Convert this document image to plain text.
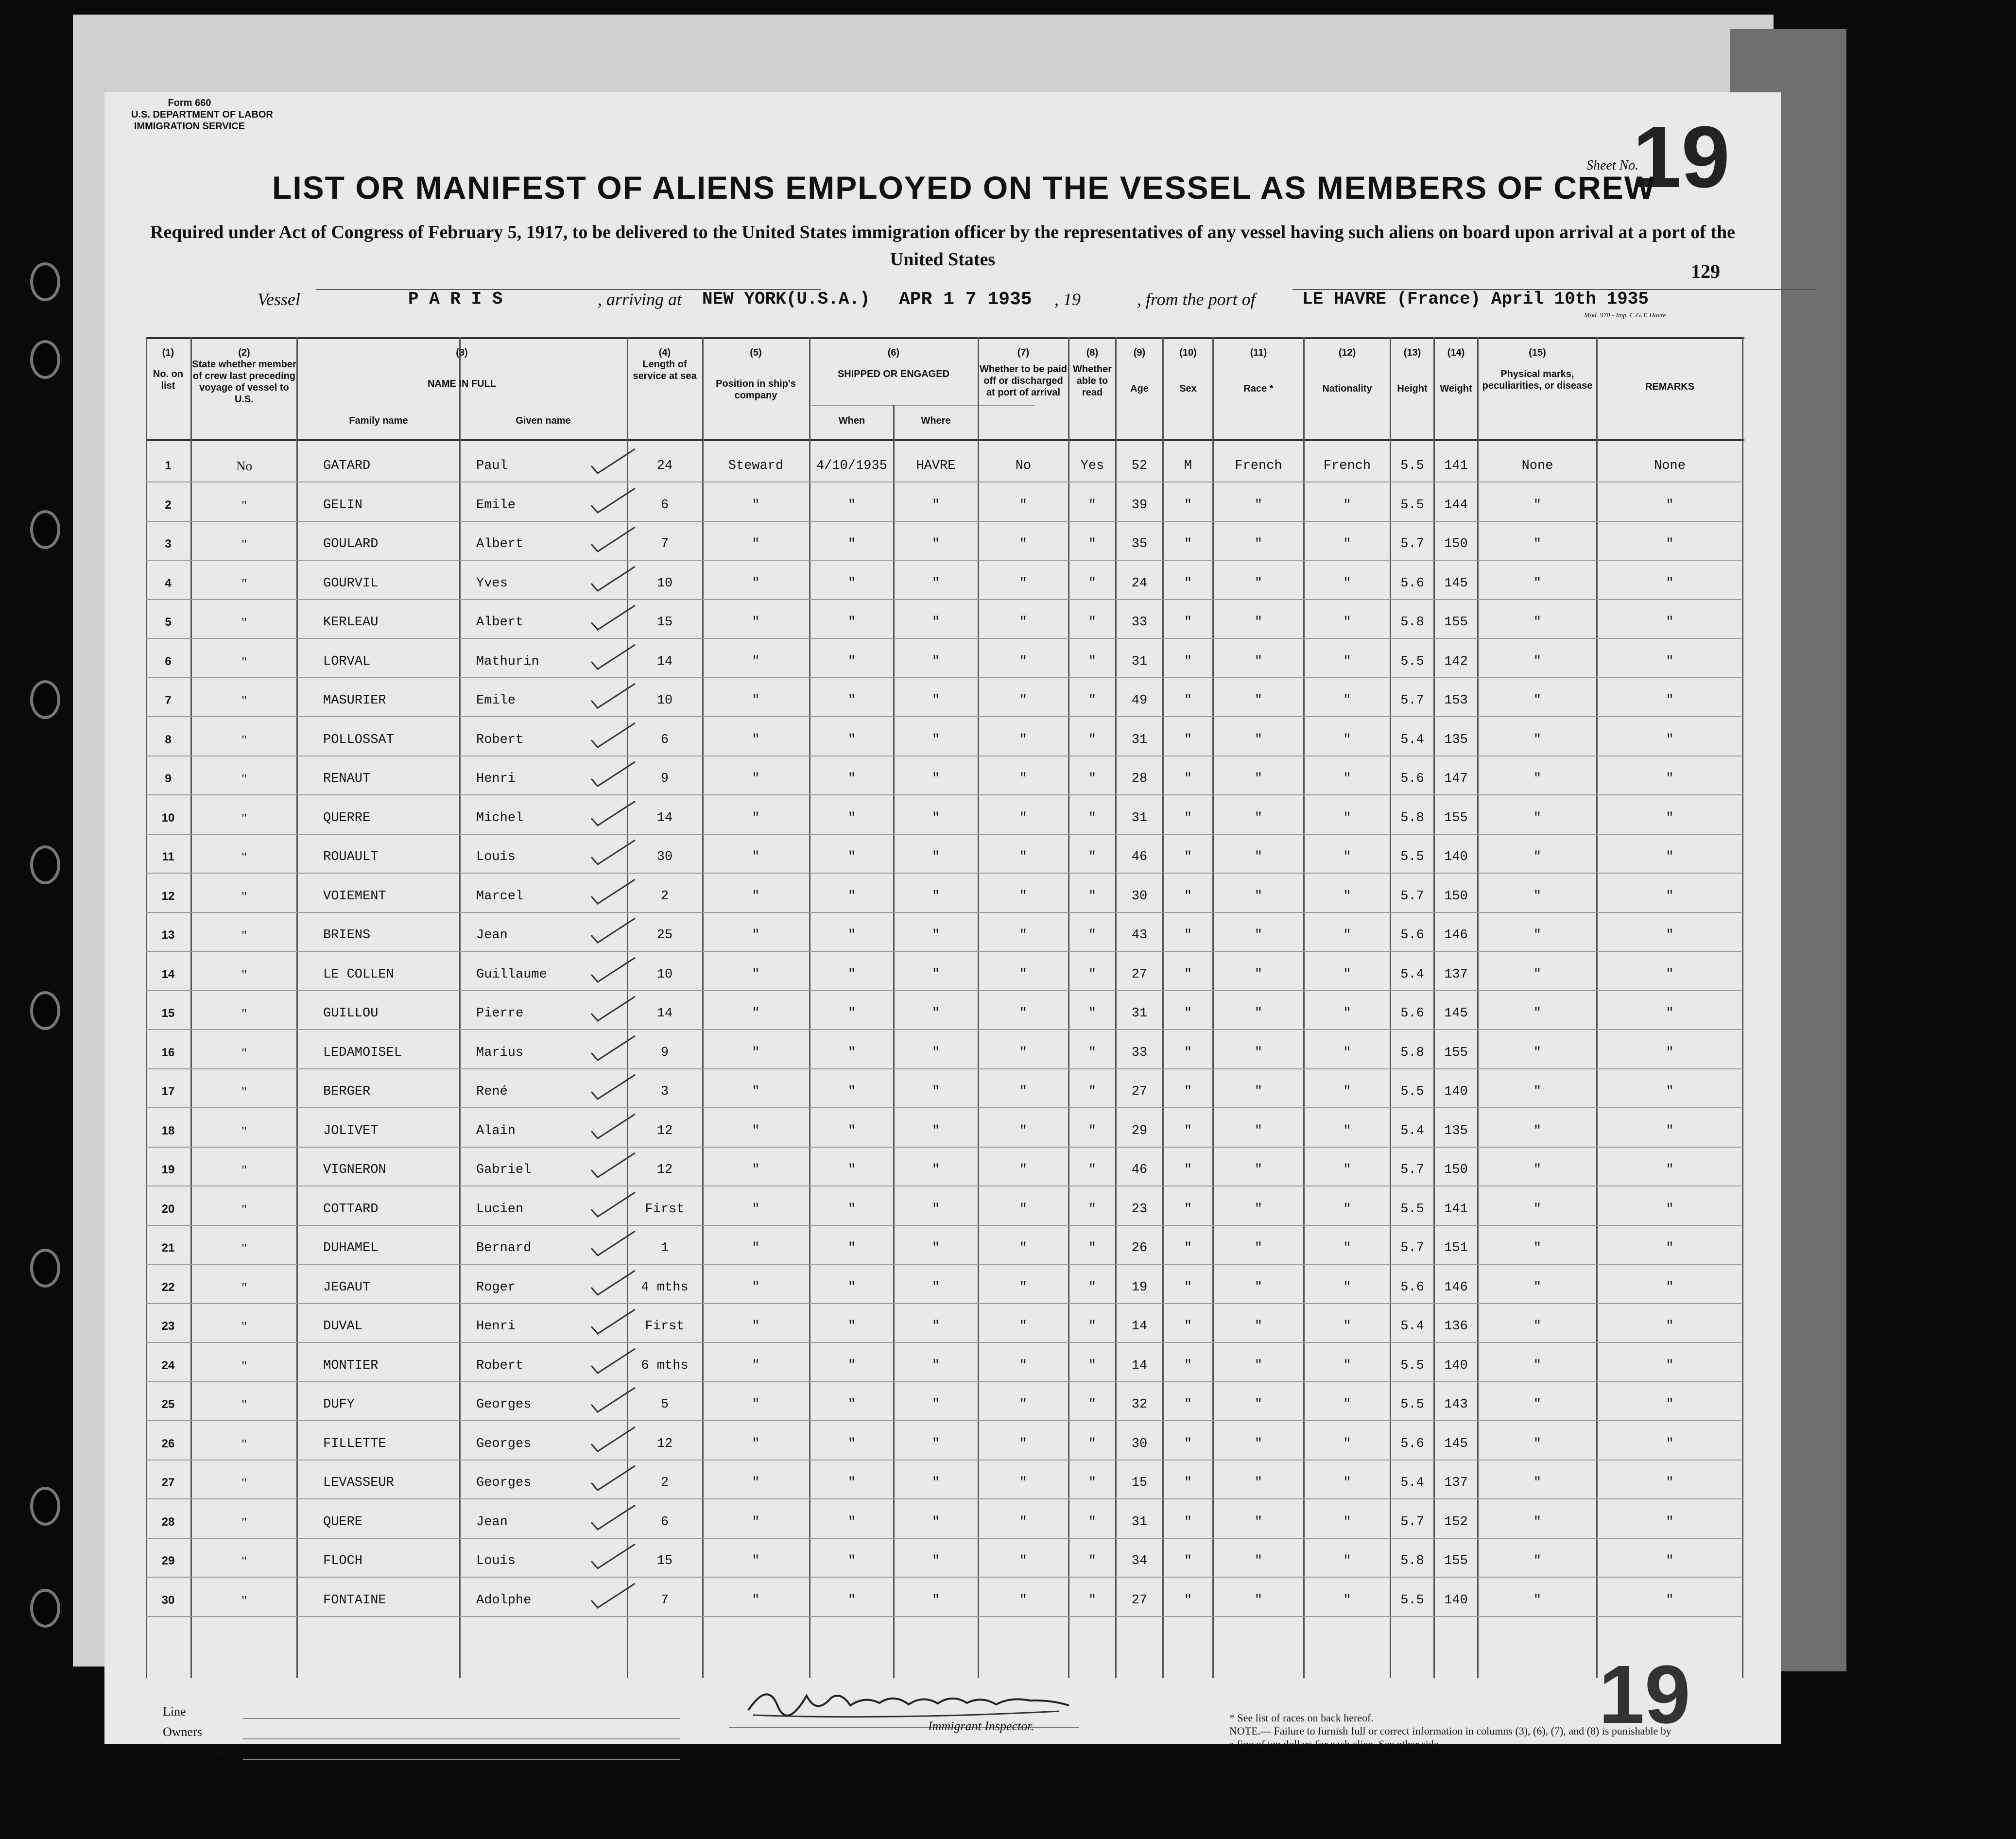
Form 660
U.S. DEPARTMENT OF LABOR
IMMIGRATION SERVICE
Sheet No.
19
LIST OR MANIFEST OF ALIENS EMPLOYED ON THE VESSEL AS MEMBERS OF CREW
Required under Act of Congress of February 5, 1917, to be delivered to the United States immigration officer by the representatives of any vessel having such aliens on board upon arrival at a port of the United States
129
Vessel	P A R I S	, arriving at NEW YORK(U.S.A.) APR 1 7 1935 , 19	, from the port of	LE HAVRE (France) April 10th 1935
Mod. 970 - Imp. C.G.T. Havre
(1)
No. on list
(2)
State whether member of crew last preceding voyage of vessel to U.S.
(3)
NAME IN FULL
Family name	Given name
(4)
Length of service at sea
(5)
Position in ship's company
(6)
SHIPPED OR ENGAGED
When	Where
(7)
Whether to be paid off or discharged at port of arrival
(8)
Whether able to read
(9)
Age
(10)
Sex
(11)
Race *
(12)
Nationality
(13)
Height
(14)
Weight
(15)
Physical marks, peculiarities, or disease	REMARKS
1	No	GATARD	Paul	24	Steward	4/10/1935	HAVRE	No	Yes	52	M	French	French	5.5	141	None	None
2	"	GELIN	Emile	6	"	"	"	"	"	39	"	"	"	5.5	144	"	"
3	"	GOULARD	Albert	7	"	"	"	"	"	35	"	"	"	5.7	150	"	"
4	"	GOURVIL	Yves	10	"	"	"	"	"	24	"	"	"	5.6	145	"	"
5	"	KERLEAU	Albert	15	"	"	"	"	"	33	"	"	"	5.8	155	"	"
6	"	LORVAL	Mathurin	14	"	"	"	"	"	31	"	"	"	5.5	142	"	"
7	"	MASURIER	Emile	10	"	"	"	"	"	49	"	"	"	5.7	153	"	"
8	"	POLLOSSAT	Robert	6	"	"	"	"	"	31	"	"	"	5.4	135	"	"
9	"	RENAUT	Henri	9	"	"	"	"	"	28	"	"	"	5.6	147	"	"
10	"	QUERRE	Michel	14	"	"	"	"	"	31	"	"	"	5.8	155	"	"
11	"	ROUAULT	Louis	30	"	"	"	"	"	46	"	"	"	5.5	140	"	"
12	"	VOIEMENT	Marcel	2	"	"	"	"	"	30	"	"	"	5.7	150	"	"
13	"	BRIENS	Jean	25	"	"	"	"	"	43	"	"	"	5.6	146	"	"
14	"	LE COLLEN	Guillaume	10	"	"	"	"	"	27	"	"	"	5.4	137	"	"
15	"	GUILLOU	Pierre	14	"	"	"	"	"	31	"	"	"	5.6	145	"	"
16	"	LEDAMOISEL	Marius	9	"	"	"	"	"	33	"	"	"	5.8	155	"	"
17	"	BERGER	René	3	"	"	"	"	"	27	"	"	"	5.5	140	"	"
18	"	JOLIVET	Alain	12	"	"	"	"	"	29	"	"	"	5.4	135	"	"
19	"	VIGNERON	Gabriel	12	"	"	"	"	"	46	"	"	"	5.7	150	"	"
20	"	COTTARD	Lucien	First	"	"	"	"	"	23	"	"	"	5.5	141	"	"
21	"	DUHAMEL	Bernard	1	"	"	"	"	"	26	"	"	"	5.7	151	"	"
22	"	JEGAUT	Roger	4 mths	"	"	"	"	"	19	"	"	"	5.6	146	"	"
23	"	DUVAL	Henri	First	"	"	"	"	"	14	"	"	"	5.4	136	"	"
24	"	MONTIER	Robert	6 mths	"	"	"	"	"	14	"	"	"	5.5	140	"	"
25	"	DUFY	Georges	5	"	"	"	"	"	32	"	"	"	5.5	143	"	"
26	"	FILLETTE	Georges	12	"	"	"	"	"	30	"	"	"	5.6	145	"	"
27	"	LEVASSEUR	Georges	2	"	"	"	"	"	15	"	"	"	5.4	137	"	"
28	"	QUERE	Jean	6	"	"	"	"	"	31	"	"	"	5.7	152	"	"
29	"	FLOCH	Louis	15	"	"	"	"	"	34	"	"	"	5.8	155	"	"
30	"	FONTAINE	Adolphe	7	"	"	"	"	"	27	"	"	"	5.5	140	"	"
Line
Owners
Local Agents
Immigrant Inspector.
* See list of races on back hereof.
NOTE.— Failure to furnish full or correct information in columns (3), (6), (7), and (8) is punishable by a fine of ten dollars for each alien. See other side.
19
